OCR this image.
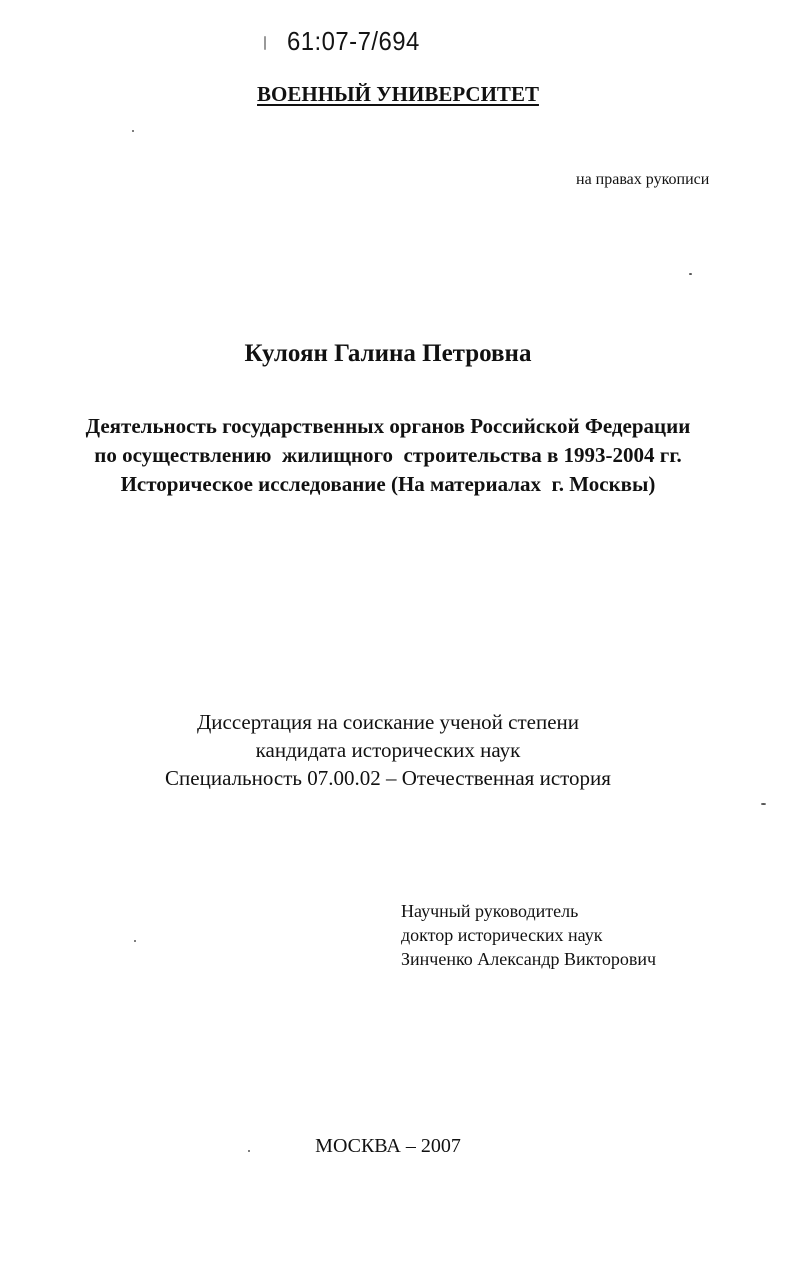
61:07-7/694
ВОЕННЫЙ УНИВЕРСИТЕТ
на правах рукописи
Кулоян Галина Петровна
Деятельность государственных органов Российской Федерации
по осуществлению  жилищного  строительства в 1993-2004 гг.
Историческое исследование (На материалах  г. Москвы)
Диссертация на соискание ученой степени
кандидата исторических наук
Специальность 07.00.02 – Отечественная история
Научный руководитель
доктор исторических наук
Зинченко Александр Викторович
МОСКВА – 2007
